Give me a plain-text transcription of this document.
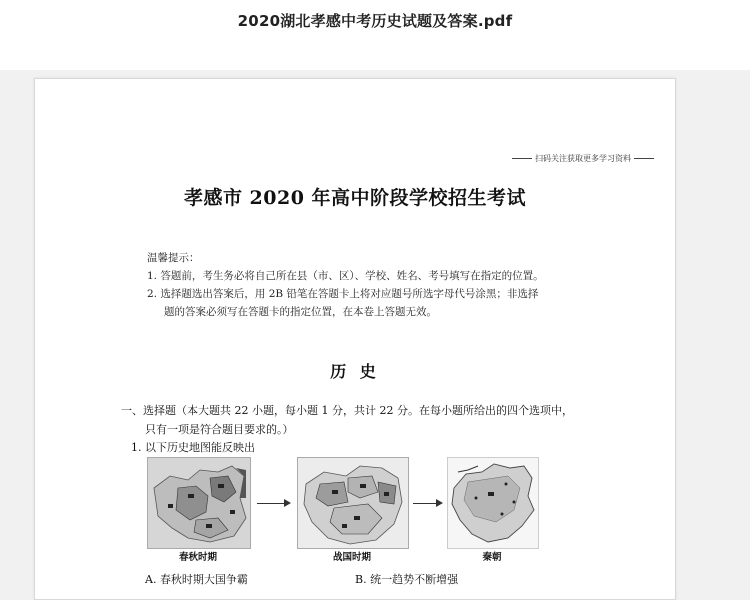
2020湖北孝感中考历史试题及答案.pdf
扫码关注获取更多学习资料
孝感市 2020 年高中阶段学校招生考试
温馨提示：
1. 答题前，考生务必将自己所在县（市、区）、学校、姓名、考号填写在指定的位置。
2. 选择题选出答案后，用 2B 铅笔在答题卡上将对应题号所选字母代号涂黑；非选择
题的答案必须写在答题卡的指定位置，在本卷上答题无效。
历 史
一、选择题（本大题共 22 小题，每小题 1 分，共计 22 分。在每小题所给出的四个选项中，
只有一项是符合题目要求的。）
1. 以下历史地图能反映出
春秋时期	战国时期	秦朝
A. 春秋时期大国争霸	B. 统一趋势不断增强
